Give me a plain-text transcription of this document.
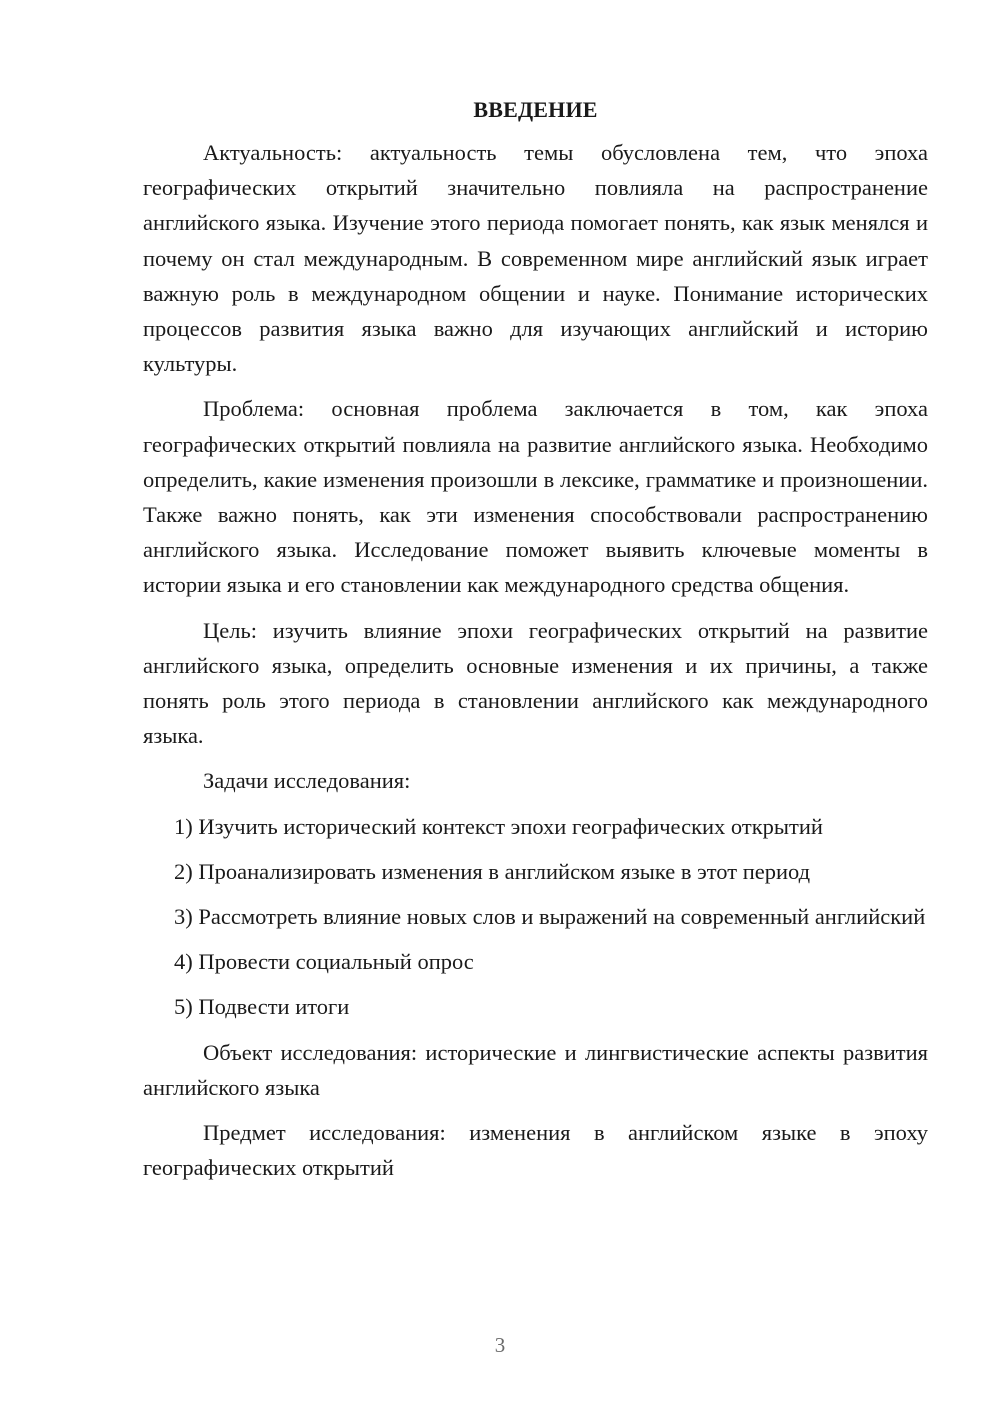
ВВЕДЕНИЕ

Актуальность: актуальность темы обусловлена тем, что эпоха географических открытий значительно повлияла на распространение английского языка. Изучение этого периода помогает понять, как язык менялся и почему он стал международным. В современном мире английский язык играет важную роль в международном общении и науке. Понимание исторических процессов развития языка важно для изучающих английский и историю культуры.

Проблема: основная проблема заключается в том, как эпоха географических открытий повлияла на развитие английского языка. Необходимо определить, какие изменения произошли в лексике, грамматике и произношении. Также важно понять, как эти изменения способствовали распространению английского языка. Исследование поможет выявить ключевые моменты в истории языка и его становлении как международного средства общения.

Цель: изучить влияние эпохи географических открытий на развитие английского языка, определить основные изменения и их причины, а также понять роль этого периода в становлении английского как международного языка.

Задачи исследования:

1) Изучить исторический контекст эпохи географических открытий

2) Проанализировать изменения в английском языке в этот период

3) Рассмотреть влияние новых слов и выражений на современный английский

4) Провести социальный опрос

5) Подвести итоги

Объект исследования: исторические и лингвистические аспекты развития английского языка

Предмет исследования: изменения в английском языке в эпоху географических открытий

3
